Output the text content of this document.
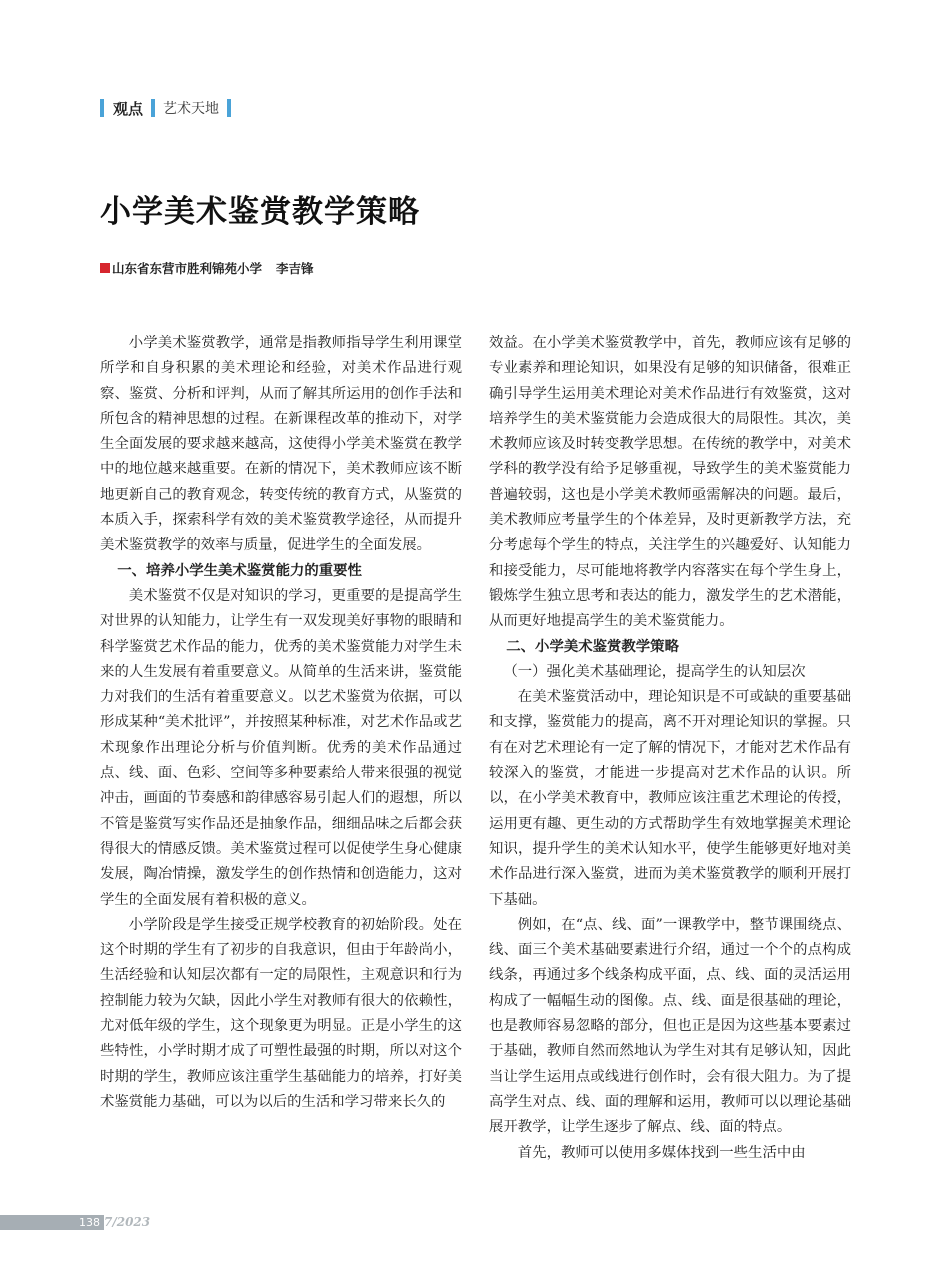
观点 艺术天地
小学美术鉴赏教学策略
山东省东营市胜利锦苑小学 李吉锋

小学美术鉴赏教学，通常是指教师指导学生利用课堂所学和自身积累的美术理论和经验，对美术作品进行观察、鉴赏、分析和评判，从而了解其所运用的创作手法和所包含的精神思想的过程。在新课程改革的推动下，对学生全面发展的要求越来越高，这使得小学美术鉴赏在教学中的地位越来越重要。在新的情况下，美术教师应该不断地更新自己的教育观念，转变传统的教育方式，从鉴赏的本质入手，探索科学有效的美术鉴赏教学途径，从而提升美术鉴赏教学的效率与质量，促进学生的全面发展。

一、培养小学生美术鉴赏能力的重要性

美术鉴赏不仅是对知识的学习，更重要的是提高学生对世界的认知能力，让学生有一双发现美好事物的眼睛和科学鉴赏艺术作品的能力，优秀的美术鉴赏能力对学生未来的人生发展有着重要意义。从简单的生活来讲，鉴赏能力对我们的生活有着重要意义。以艺术鉴赏为依据，可以形成某种“美术批评”，并按照某种标准，对艺术作品或艺术现象作出理论分析与价值判断。优秀的美术作品通过点、线、面、色彩、空间等多种要素给人带来很强的视觉冲击，画面的节奏感和韵律感容易引起人们的遐想，所以不管是鉴赏写实作品还是抽象作品，细细品味之后都会获得很大的情感反馈。美术鉴赏过程可以促使学生身心健康发展，陶冶情操，激发学生的创作热情和创造能力，这对学生的全面发展有着积极的意义。

小学阶段是学生接受正规学校教育的初始阶段。处在这个时期的学生有了初步的自我意识，但由于年龄尚小，生活经验和认知层次都有一定的局限性，主观意识和行为控制能力较为欠缺，因此小学生对教师有很大的依赖性，尤对低年级的学生，这个现象更为明显。正是小学生的这些特性，小学时期才成了可塑性最强的时期，所以对这个时期的学生，教师应该注重学生基础能力的培养，打好美术鉴赏能力基础，可以为以后的生活和学习带来长久的

效益。在小学美术鉴赏教学中，首先，教师应该有足够的专业素养和理论知识，如果没有足够的知识储备，很难正确引导学生运用美术理论对美术作品进行有效鉴赏，这对培养学生的美术鉴赏能力会造成很大的局限性。其次，美术教师应该及时转变教学思想。在传统的教学中，对美术学科的教学没有给予足够重视，导致学生的美术鉴赏能力普遍较弱，这也是小学美术教师亟需解决的问题。最后，美术教师应考量学生的个体差异，及时更新教学方法，充分考虑每个学生的特点，关注学生的兴趣爱好、认知能力和接受能力，尽可能地将教学内容落实在每个学生身上，锻炼学生独立思考和表达的能力，激发学生的艺术潜能，从而更好地提高学生的美术鉴赏能力。

二、小学美术鉴赏教学策略
（一）强化美术基础理论，提高学生的认知层次

在美术鉴赏活动中，理论知识是不可或缺的重要基础和支撑，鉴赏能力的提高，离不开对理论知识的掌握。只有在对艺术理论有一定了解的情况下，才能对艺术作品有较深入的鉴赏，才能进一步提高对艺术作品的认识。所以，在小学美术教育中，教师应该注重艺术理论的传授，运用更有趣、更生动的方式帮助学生有效地掌握美术理论知识，提升学生的美术认知水平，使学生能够更好地对美术作品进行深入鉴赏，进而为美术鉴赏教学的顺利开展打下基础。

例如，在“点、线、面”一课教学中，整节课围绕点、线、面三个美术基础要素进行介绍，通过一个个的点构成线条，再通过多个线条构成平面，点、线、面的灵活运用构成了一幅幅生动的图像。点、线、面是很基础的理论，也是教师容易忽略的部分，但也正是因为这些基本要素过于基础，教师自然而然地认为学生对其有足够认知，因此当让学生运用点或线进行创作时，会有很大阻力。为了提高学生对点、线、面的理解和运用，教师可以以理论基础展开教学，让学生逐步了解点、线、面的特点。

首先，教师可以使用多媒体找到一些生活中由

138 7/2023
